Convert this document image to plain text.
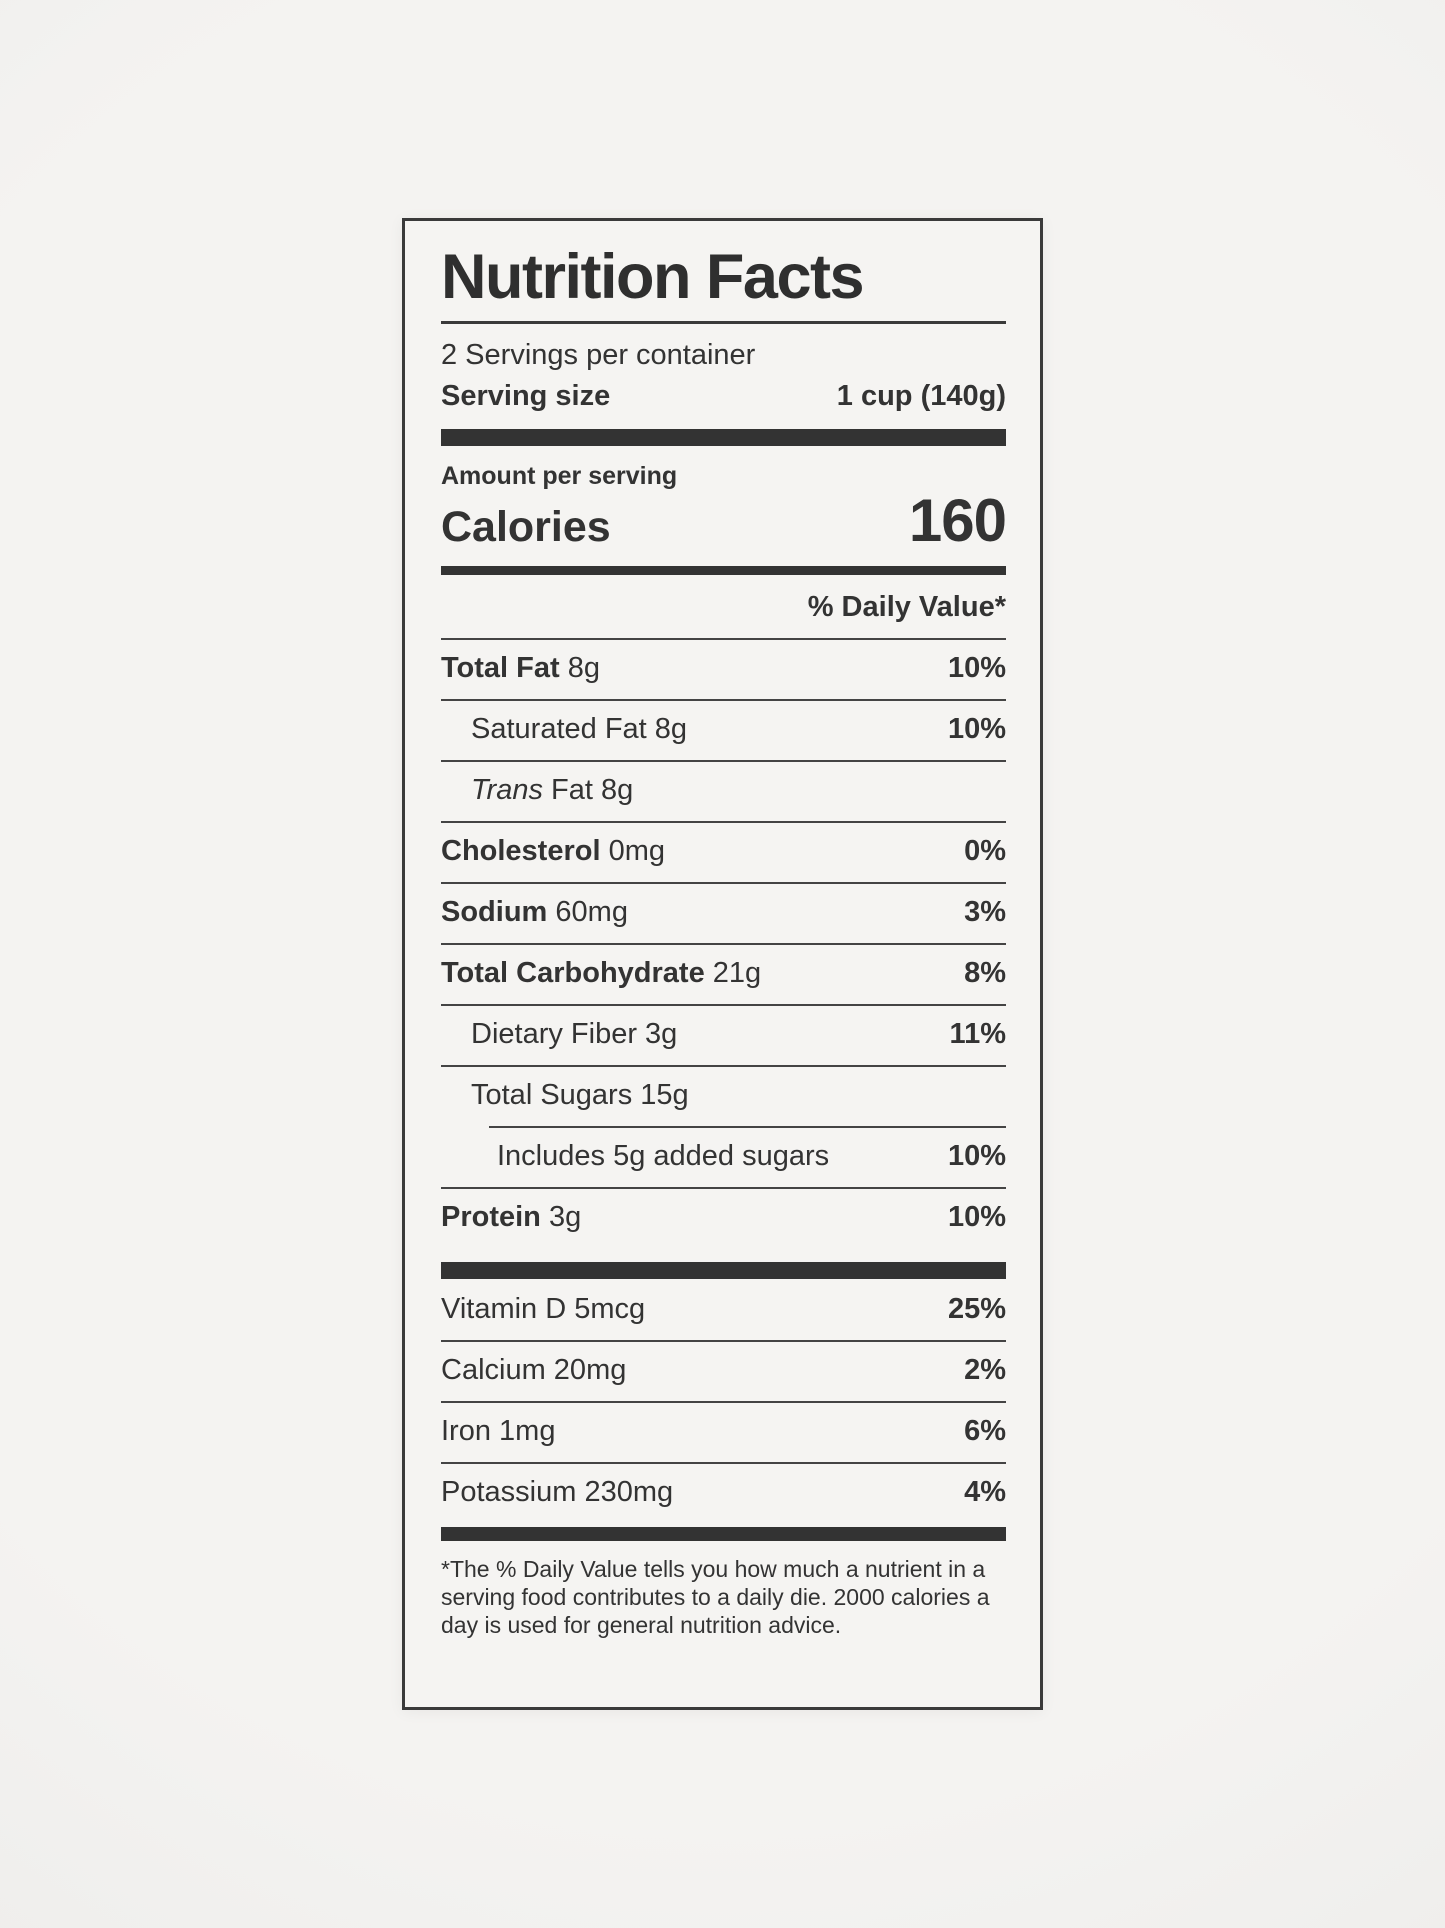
Nutrition Facts
2 Servings per container
Serving size	1 cup (140g)
Amount per serving
Calories	160
% Daily Value*
Total Fat 8g	10%
Saturated Fat 8g	10%
Trans Fat 8g
Cholesterol 0mg	0%
Sodium 60mg	3%
Total Carbohydrate 21g	8%
Dietary Fiber 3g	11%
Total Sugars 15g
Includes 5g added sugars	10%
Protein 3g	10%
Vitamin D 5mcg	25%
Calcium 20mg	2%
Iron 1mg	6%
Potassium 230mg	4%
*The % Daily Value tells you how much a nutrient in a serving food contributes to a daily die. 2000 calories a day is used for general nutrition advice.
